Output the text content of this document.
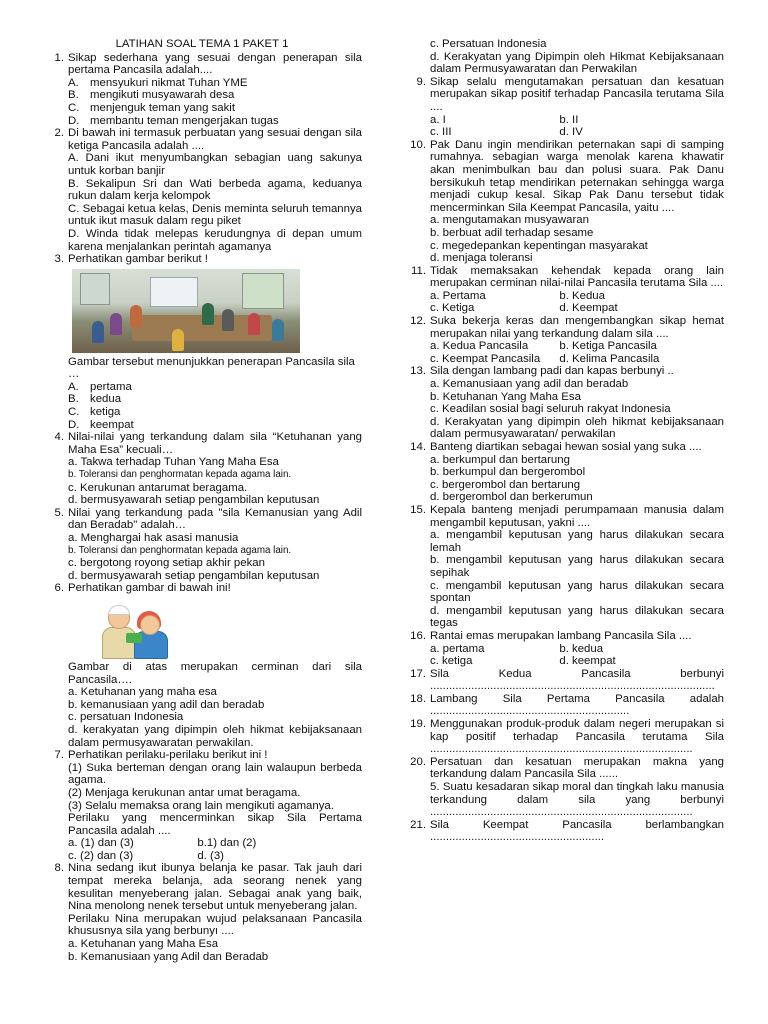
LATIHAN SOAL TEMA 1 PAKET 1
1. Sikap sederhana yang sesuai dengan penerapan sila pertama Pancasila adalah....
A. mensyukuri nikmat Tuhan YME
B. mengikuti musyawarah desa
C. menjenguk teman yang sakit
D. membantu teman mengerjakan tugas
2. Di bawah ini termasuk perbuatan yang sesuai dengan sila ketiga Pancasila adalah ....
A. Dani ikut menyumbangkan sebagian uang sakunya untuk korban banjir
B. Sekalipun Sri dan Wati berbeda agama, keduanya rukun dalam kerja kelompok
C. Sebagai ketua kelas, Denis meminta seluruh temannya untuk ikut masuk dalam regu piket
D. Winda tidak melepas kerudungnya di depan umum karena menjalankan perintah agamanya
3. Perhatikan gambar berikut !
Gambar tersebut menunjukkan penerapan Pancasila sila …
A. pertama
B. kedua
C. ketiga
D. keempat
4. Nilai-nilai yang terkandung dalam sila “Ketuhanan yang Maha Esa” kecuali…
a. Takwa terhadap Tuhan Yang Maha Esa
b. Toleransi dan penghormatan kepada agama lain.
c. Kerukunan antarumat beragama.
d. bermusyawarah setiap pengambilan keputusan
5. Nilai yang terkandung pada "sila Kemanusian yang Adil dan Beradab" adalah…
a. Menghargai hak asasi manusia
b. Toleransi dan penghormatan kepada agama lain.
c. bergotong royong setiap akhir pekan
d. bermusyawarah setiap pengambilan keputusan
6. Perhatikan gambar di bawah ini!
Gambar di atas merupakan cerminan dari sila Pancasila….
a. Ketuhanan yang maha esa
b. kemanusiaan yang adil dan beradab
c. persatuan Indonesia
d. kerakyatan yang dipimpin oleh hikmat kebijaksanaan dalam permusyawaratan perwakilan.
7. Perhatikan perilaku-perilaku berikut ini !
(1) Suka berteman dengan orang lain walaupun berbeda agama.
(2) Menjaga kerukunan antar umat beragama.
(3) Selalu memaksa orang lain mengikuti agamanya.
Perilaku yang mencerminkan sikap Sila Pertama Pancasila adalah ....
a. (1) dan (3)	b.1) dan (2)
c. (2) dan (3)	d. (3)
8. Nina sedang ikut ibunya belanja ke pasar. Tak jauh dari tempat mereka belanja, ada seorang nenek yang kesulitan menyeberang jalan. Sebagai anak yang baik, Nina menolong nenek tersebut untuk menyeberang jalan.
Perilaku Nina merupakan wujud pelaksanaan Pancasila khususnya sila yang berbunyı ....
a. Ketuhanan yang Maha Esa
b. Kemanusiaan yang Adil dan Beradab
c. Persatuan Indonesia
d. Kerakyatan yang Dipimpin oleh Hikmat Kebijaksanaan dalam Permusyawaratan dan Perwakilan
9. Sikap selalu mengutamakan persatuan dan kesatuan merupakan sikap positif terhadap Pancasila terutama Sila ....
a. I	b. II
c. III	d. IV
10. Pak Danu ingin mendirikan peternakan sapi di samping rumahnya. sebagian warga menolak karena khawatir akan menimbulkan bau dan polusi suara. Pak Danu bersikukuh tetap mendirikan peternakan sehingga warga menjadi cukup kesal. Sikap Pak Danu tersebut tidak mencerminkan Sila Keempat Pancasila, yaitu ....
a. mengutamakan musyawaran
b. berbuat adil terhadap sesame
c. megedepankan kepentingan masyarakat
d. menjaga toleransi
11. Tidak memaksakan kehendak kepada orang lain merupakan cerminan nilai-nilai Pancasila terutama Sila ....
a. Pertama	b. Kedua
c. Ketiga	d. Keempat
12. Suka bekerja keras dan mengembangkan sikap hemat merupakan nilai yang terkandung dalam sila ....
a. Kedua Pancasila	b. Ketiga Pancasila
c. Keempat Pancasila	d. Kelima Pancasila
13. Sila dengan lambang padi dan kapas berbunyi ..
a. Kemanusiaan yang adil dan beradab
b. Ketuhanan Yang Maha Esa
c. Keadilan sosial bagi seluruh rakyat Indonesia
d. Kerakyatan yang dipimpin oleh hikmat kebijaksanaan dalam permusyawaratan/ perwakilan
14. Banteng diartikan sebagai hewan sosial yang suka ....
a. berkumpul dan bertarung
b. berkumpul dan bergerombol
c. bergerombol dan bertarung
d. bergerombol dan berkerumun
15. Kepala banteng menjadi perumpamaan manusia dalam mengambil keputusan, yakni ....
a. mengambil keputusan yang harus dilakukan secara lemah
b. mengambil keputusan yang harus dilakukan secara sepihak
c. mengambil keputusan yang harus dilakukan secara spontan
d. mengambil keputusan yang harus dilakukan secara tegas
16. Rantai emas merupakan lambang Pancasila Sila ....
a. pertama	b. kedua
c. ketiga	d. keempat
17. Sila Kedua Pancasila berbunyi ..........................................................................................
18. Lambang Sila Pertama Pancasila adalah ...............................................................
19. Menggunakan produk-produk dalam negeri merupakan sikap positif terhadap Pancasila terutama Sila ...................................................................................
20. Persatuan dan kesatuan merupakan makna yang terkandung dalam Pancasila Sila ......
5. Suatu kesadaran sikap moral dan tingkah laku manusia terkandung dalam sila yang berbunyi ...................................................................................
21. Sila Keempat Pancasila berlambangkan .......................................................
